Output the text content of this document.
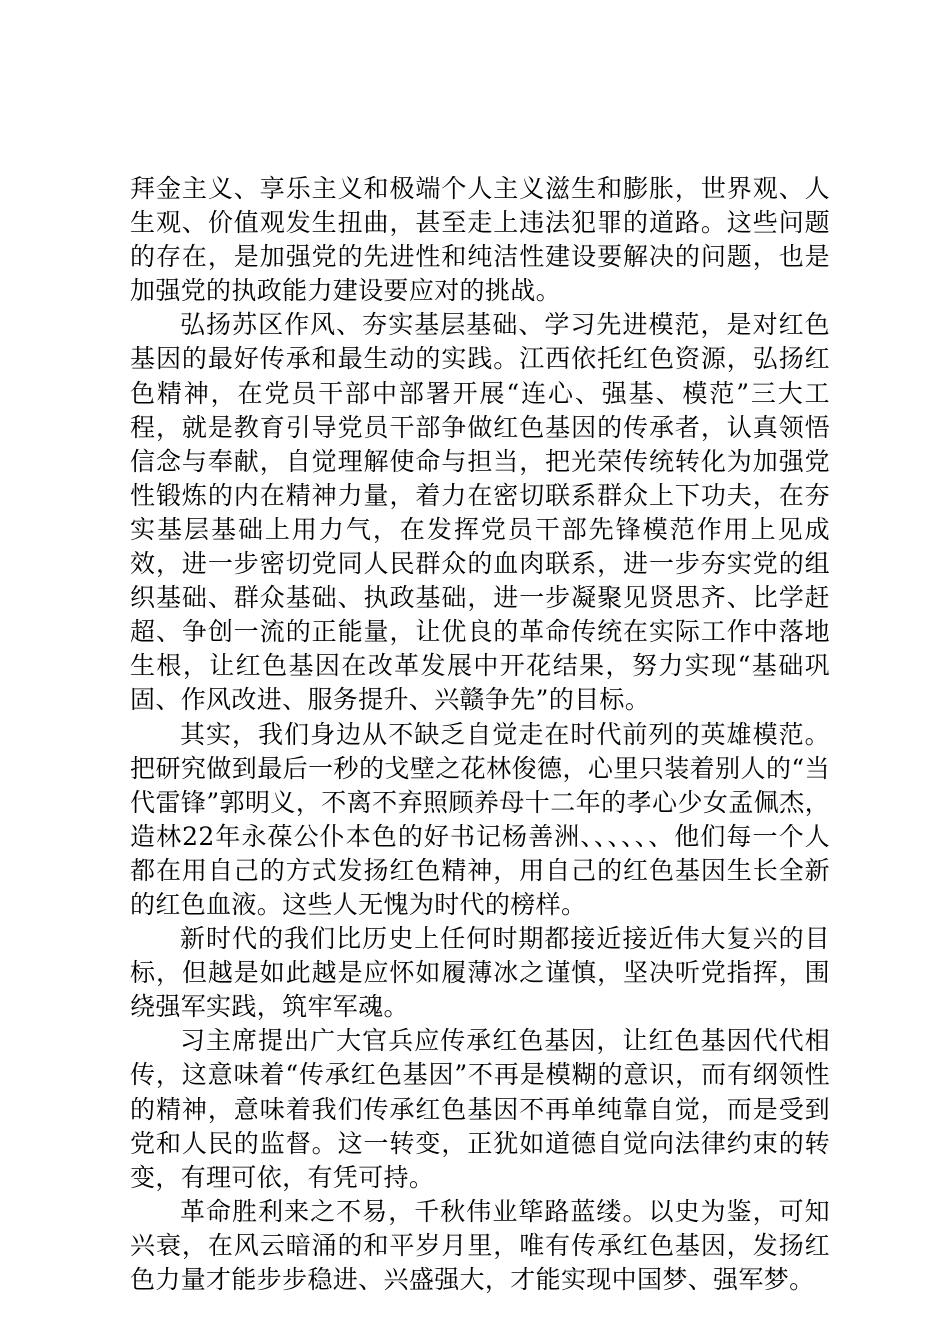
拜金主义、享乐主义和极端个人主义滋生和膨胀，世界观、人生观、价值观发生扭曲，甚至走上违法犯罪的道路。这些问题的存在，是加强党的先进性和纯洁性建设要解决的问题，也是加强党的执政能力建设要应对的挑战。

弘扬苏区作风、夯实基层基础、学习先进模范，是对红色基因的最好传承和最生动的实践。江西依托红色资源，弘扬红色精神，在党员干部中部署开展“连心、强基、模范”三大工程，就是教育引导党员干部争做红色基因的传承者，认真领悟信念与奉献，自觉理解使命与担当，把光荣传统转化为加强党性锻炼的内在精神力量，着力在密切联系群众上下功夫，在夯实基层基础上用力气，在发挥党员干部先锋模范作用上见成效，进一步密切党同人民群众的血肉联系，进一步夯实党的组织基础、群众基础、执政基础，进一步凝聚见贤思齐、比学赶超、争创一流的正能量，让优良的革命传统在实际工作中落地生根，让红色基因在改革发展中开花结果，努力实现“基础巩固、作风改进、服务提升、兴赣争先”的目标。

其实，我们身边从不缺乏自觉走在时代前列的英雄模范。把研究做到最后一秒的戈壁之花林俊德，心里只装着别人的“当代雷锋”郭明义，不离不弃照顾养母十二年的孝心少女孟佩杰，造林22年永葆公仆本色的好书记杨善洲、、、、、、他们每一个人都在用自己的方式发扬红色精神，用自己的红色基因生长全新的红色血液。这些人无愧为时代的榜样。

新时代的我们比历史上任何时期都接近接近伟大复兴的目标，但越是如此越是应怀如履薄冰之谨慎，坚决听党指挥，围绕强军实践，筑牢军魂。

习主席提出广大官兵应传承红色基因，让红色基因代代相传，这意味着“传承红色基因”不再是模糊的意识，而有纲领性的精神，意味着我们传承红色基因不再单纯靠自觉，而是受到党和人民的监督。这一转变，正犹如道德自觉向法律约束的转变，有理可依，有凭可持。

革命胜利来之不易，千秋伟业筚路蓝缕。以史为鉴，可知兴衰，在风云暗涌的和平岁月里，唯有传承红色基因，发扬红色力量才能步步稳进、兴盛强大，才能实现中国梦、强军梦。
